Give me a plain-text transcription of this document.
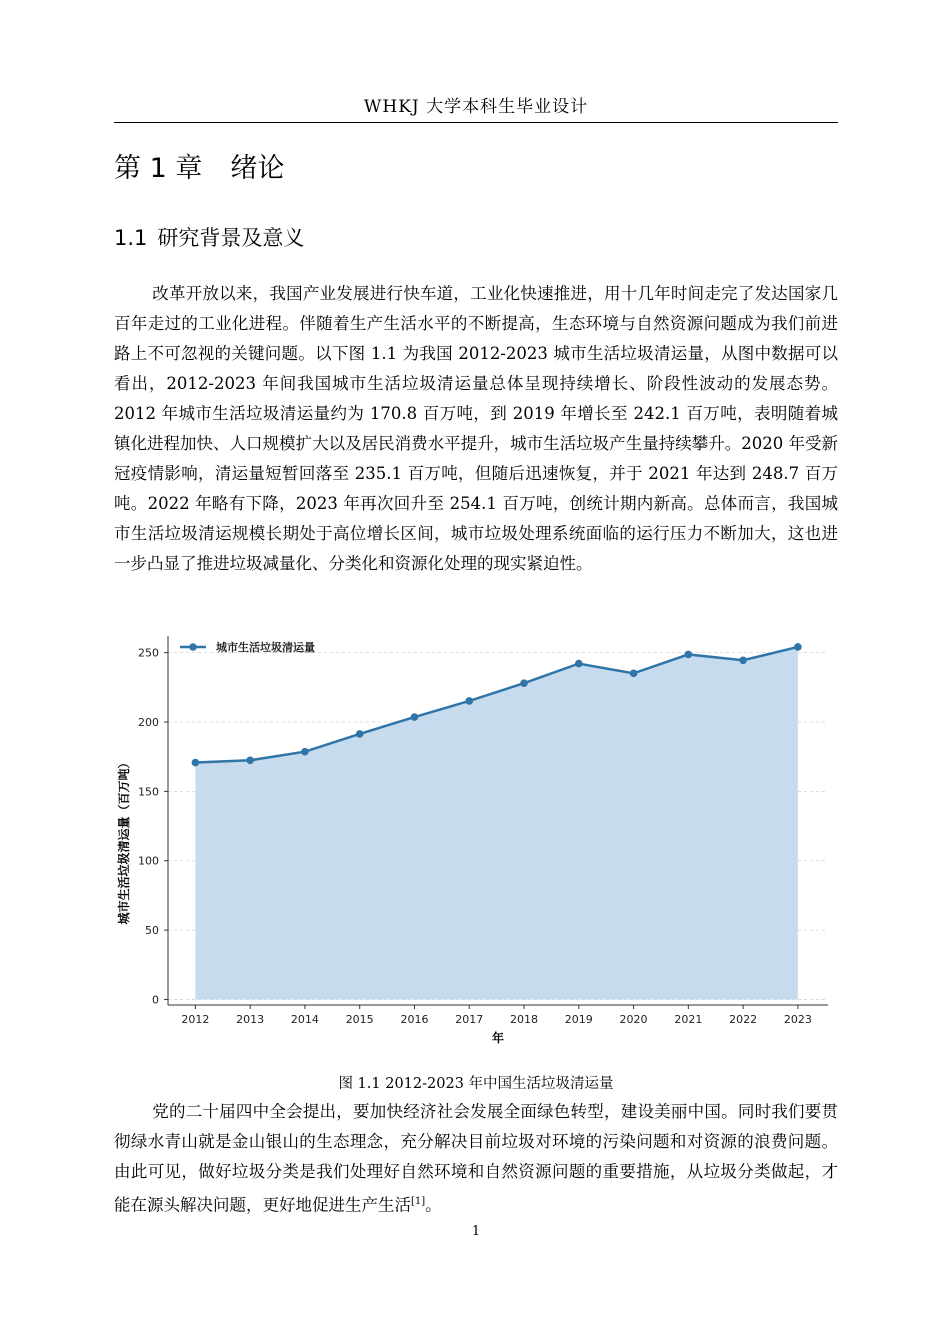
WHKJ 大学本科生毕业设计
第 1 章 绪论
1.1 研究背景及意义

改革开放以来，我国产业发展进行快车道，工业化快速推进，用十几年时间走完了发达国家几百年走过的工业化进程。伴随着生产生活水平的不断提高，生态环境与自然资源问题成为我们前进路上不可忽视的关键问题。以下图 1.1 为我国 2012-2023 城市生活垃圾清运量，从图中数据可以看出，2012-2023 年间我国城市生活垃圾清运量总体呈现持续增长、阶段性波动的发展态势。2012 年城市生活垃圾清运量约为 170.8 百万吨，到 2019 年增长至 242.1 百万吨，表明随着城镇化进程加快、人口规模扩大以及居民消费水平提升，城市生活垃圾产生量持续攀升。2020 年受新冠疫情影响，清运量短暂回落至 235.1 百万吨，但随后迅速恢复，并于 2021 年达到 248.7 百万吨。2022 年略有下降，2023 年再次回升至 254.1 百万吨，创统计期内新高。总体而言，我国城市生活垃圾清运规模长期处于高位增长区间，城市垃圾处理系统面临的运行压力不断加大，这也进一步凸显了推进垃圾减量化、分类化和资源化处理的现实紧迫性。

0
50
100
150
200
250
2012 2013 2014 2015 2016 2017 2018 2019 2020 2021 2022 2023
年
城市生活垃圾清运量（百万吨）
城市生活垃圾清运量
图 1.1 2012-2023 年中国生活垃圾清运量

党的二十届四中全会提出，要加快经济社会发展全面绿色转型，建设美丽中国。同时我们要贯彻绿水青山就是金山银山的生态理念，充分解决目前垃圾对环境的污染问题和对资源的浪费问题。由此可见，做好垃圾分类是我们处理好自然环境和自然资源问题的重要措施，从垃圾分类做起，才能在源头解决问题，更好地促进生产生活[1]。

1
